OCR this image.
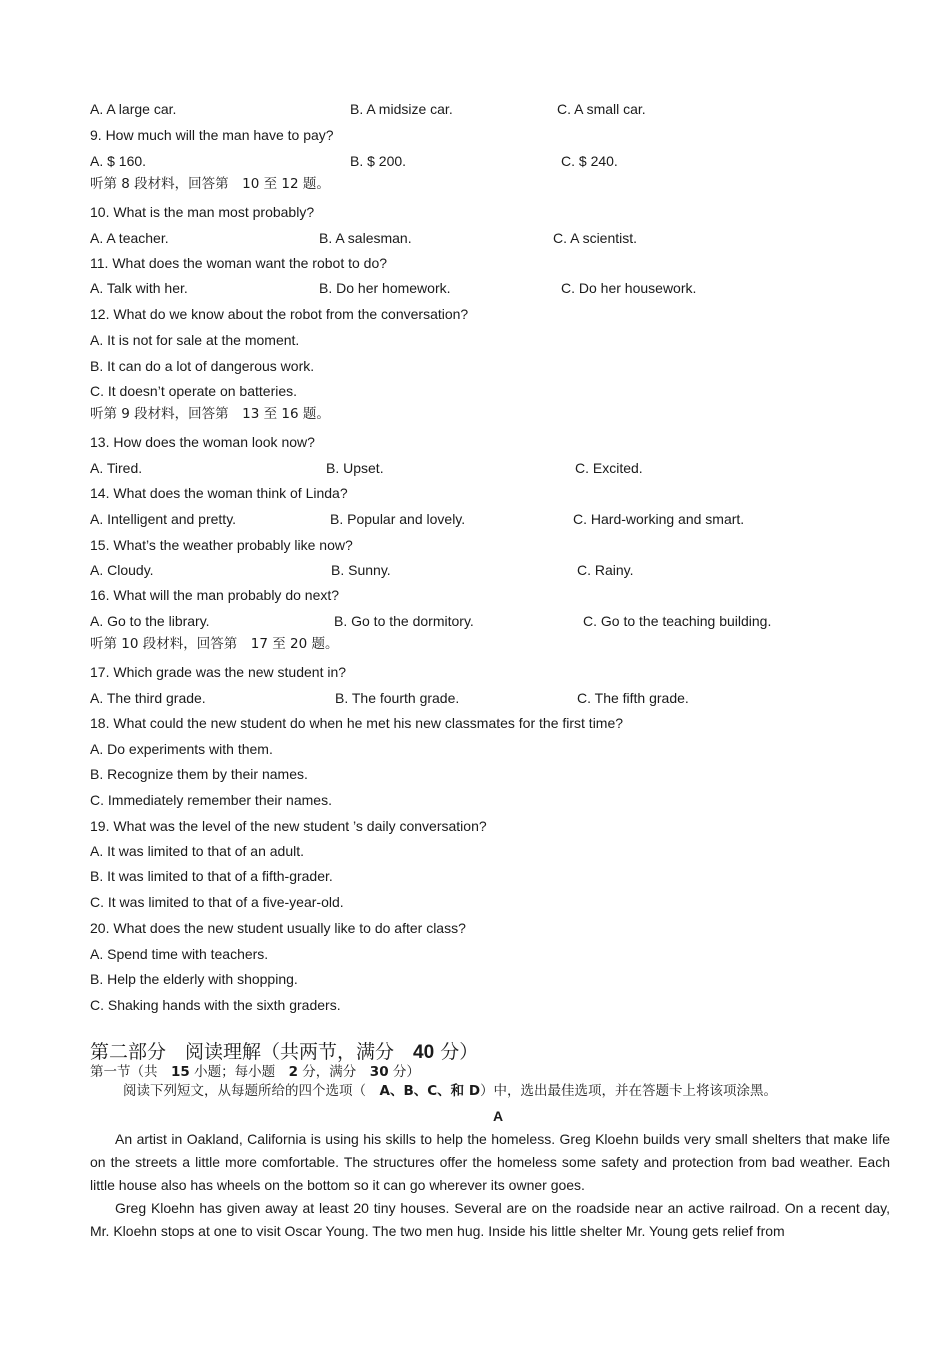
A. A large car.	B. A midsize car.	C. A small car.
9. How much will the man have to pay?
A. $ 160.	B. $ 200.	C. $ 240.
听第 8 段材料，回答第　10 至 12 题。
10. What is the man most probably?
A. A teacher.	B. A salesman.	C. A scientist.
11. What does the woman want the robot to do?
A. Talk with her.	B. Do her homework.	C. Do her housework.
12. What do we know about the robot from the conversation?
A. It is not for sale at the moment.
B. It can do a lot of dangerous work.
C. It doesn’t operate on batteries.
听第 9 段材料，回答第　13 至 16 题。
13. How does the woman look now?
A. Tired.	B. Upset.	C. Excited.
14. What does the woman think of Linda?
A. Intelligent and pretty.	B. Popular and lovely.	C. Hard-working and smart.
15. What’s the weather probably like now?
A. Cloudy.	B. Sunny.	C. Rainy.
16. What will the man probably do next?
A. Go to the library.	B. Go to the dormitory.	C. Go to the teaching building.
听第 10 段材料，回答第　17 至 20 题。
17. Which grade was the new student in?
A. The third grade.	B. The fourth grade.	C. The fifth grade.
18. What could the new student do when he met his new classmates for the first time?
A. Do experiments with them.
B. Recognize them by their names.
C. Immediately remember their names.
19. What was the level of the new student ’s daily conversation?
A. It was limited to that of an adult.
B. It was limited to that of a fifth-grader.
C. It was limited to that of a five-year-old.
20. What does the new student usually like to do after class?
A. Spend time with teachers.
B. Help the elderly with shopping.
C. Shaking hands with the sixth graders.
第二部分　阅读理解（共两节，满分　40 分）
第一节（共　15 小题；每小题　2 分，满分　30 分）
阅读下列短文，从每题所给的四个选项（　A、B、C、和 D）中，选出最佳选项，并在答题卡上将该项涂黑。
A
An artist in Oakland, California is using his skills to help the homeless. Greg Kloehn builds very small shelters that make life on the streets a little more comfortable. The structures offer the homeless some safety and protection from bad weather. Each little house also has wheels on the bottom so it can go wherever its owner goes.
Greg Kloehn has given away at least 20 tiny houses. Several are on the roadside near an active railroad. On a recent day, Mr. Kloehn stops at one to visit Oscar Young. The two men hug. Inside his little shelter Mr. Young gets relief from
